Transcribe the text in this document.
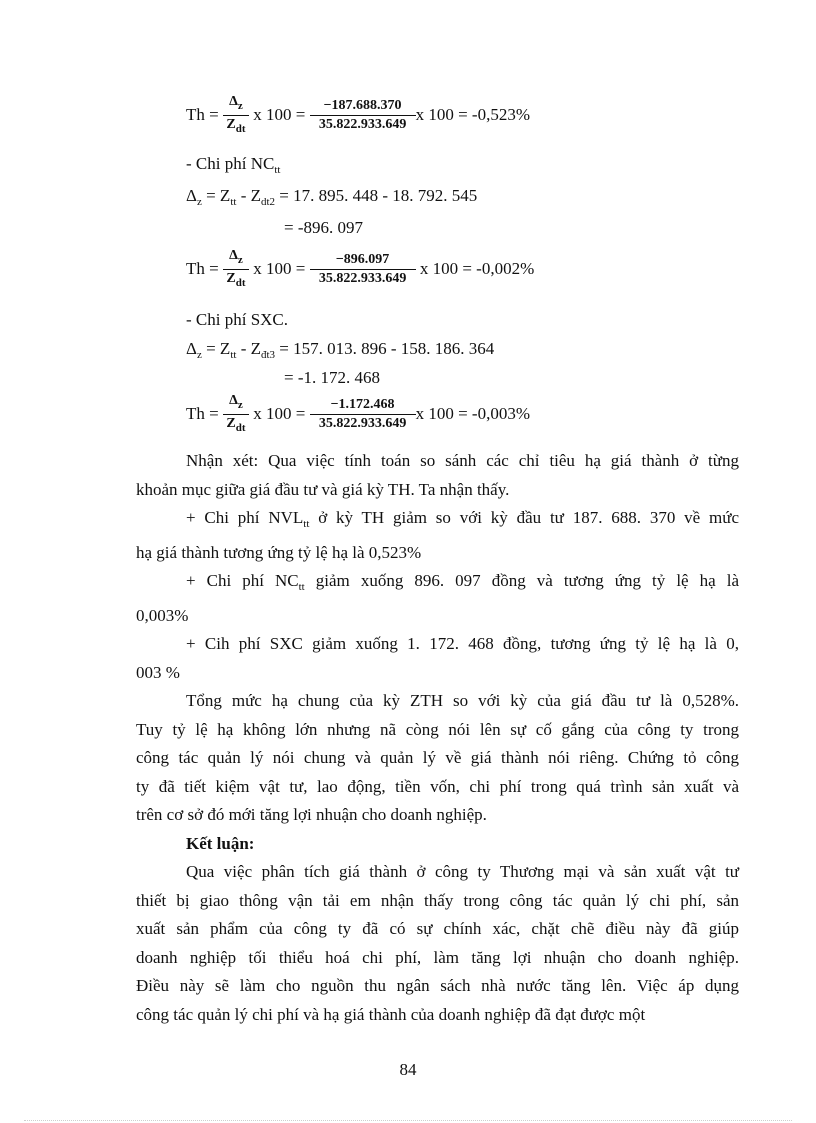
Th =
$\frac{\Delta_z}{Z_{dt}}$
x 100 =
$\frac{-187.688.370}{35.822.933.649}$ x 100 = -0,523%
- Chi phí $NC_{tt}$
$\Delta_z = Z_{tt} - Z_{dt2} = 17$. 895. 448 - 18. 792. 545
= -896. 097
Th =
$\frac{\Delta_z}{Z_{dt}}$
x 100 =
$\frac{-896.097}{35.822.933.649}$
x 100 = -0,002%
- Chi phí SXC.
$\Delta_z = Z_{tt} - Z_{đt3} = 157$. 013. 896 - 158. 186. 364
= -1. 172. 468
Th =
$\frac{\Delta_z}{Z_{dt}}$
x 100 =
$\frac{-1.172.468}{35.822.933.649}$ x 100 = -0,003%

Nhận xét: Qua việc tính toán so sánh các chỉ tiêu hạ giá thành ở từng

khoản mục giữa giá đầu tư và giá kỳ TH. Ta nhận thấy.

+ Chi phí $NVL_{tt}$ ở kỳ TH giảm so với kỳ đầu tư 187. 688. 370 về mức

hạ giá thành tương ứng tỷ lệ hạ là 0,523%

+ Chi phí $NC_{tt}$ giảm xuống 896. 097 đồng và tương ứng tỷ lệ hạ là

0,003%

+ Cih phí SXC giảm xuống 1. 172. 468 đồng, tương ứng tỷ lệ hạ là 0,

003 %

Tổng mức hạ chung của kỳ ZTH so với kỳ của giá đầu tư là 0,528%.

Tuy tỷ lệ hạ không lớn nhưng nã còng nói lên sự cố gắng của công ty trong

công tác quản lý nói chung và quản lý về giá thành nói riêng. Chứng tỏ công

ty đã tiết kiệm vật tư, lao động, tiền vốn, chi phí trong quá trình sản xuất và

trên cơ sở đó mới tăng lợi nhuận cho doanh nghiệp.

Kết luận:

Qua việc phân tích giá thành ở công ty Thương mại và sản xuất vật tư

thiết bị giao thông vận tải em nhận thấy trong công tác quản lý chi phí, sản

xuất sản phẩm của công ty đã có sự chính xác, chặt chẽ điều này đã giúp

doanh nghiệp tối thiểu hoá chi phí, làm tăng lợi nhuận cho doanh nghiệp.

Điều này sẽ làm cho nguồn thu ngân sách nhà nước tăng lên. Việc áp dụng

công tác quản lý chi phí và hạ giá thành của doanh nghiệp đã đạt được một

84
